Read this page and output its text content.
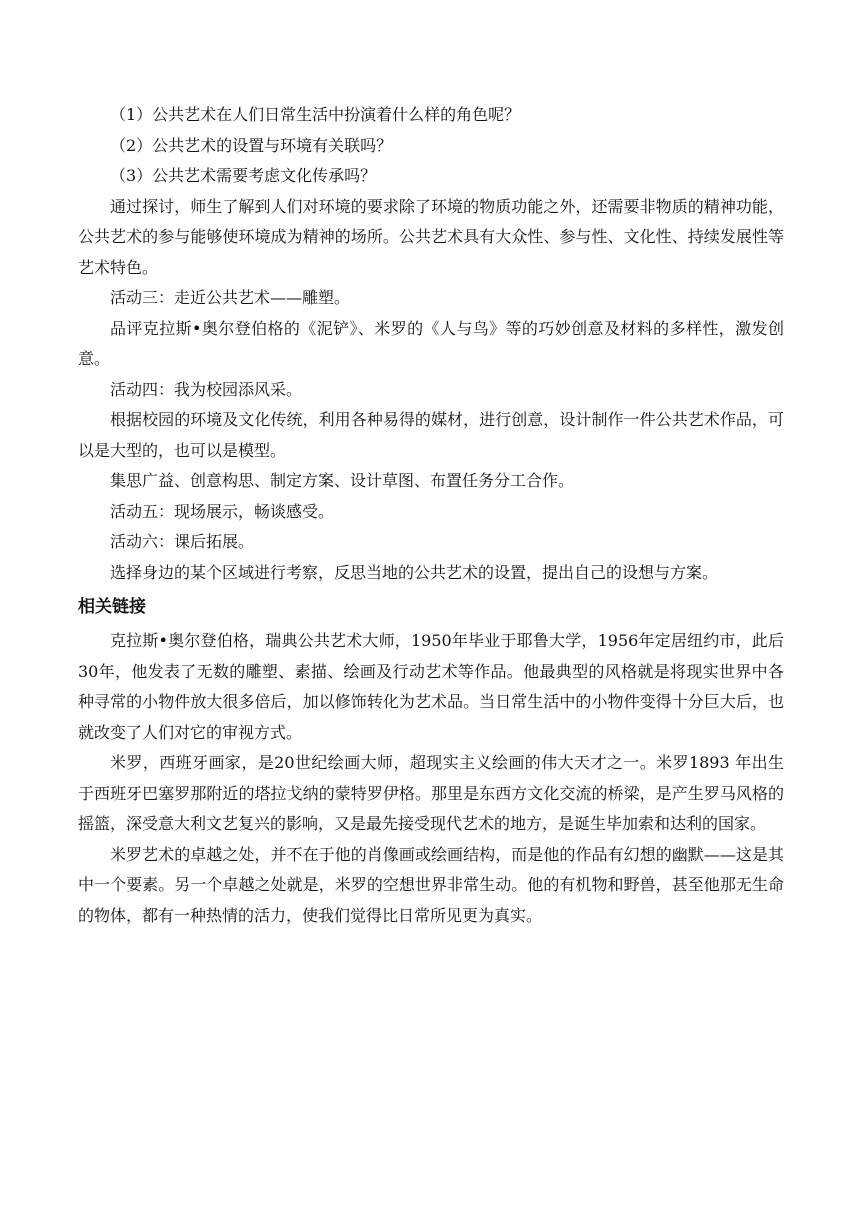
（1）公共艺术在人们日常生活中扮演着什么样的角色呢？

（2）公共艺术的设置与环境有关联吗？

（3）公共艺术需要考虑文化传承吗？

通过探讨，师生了解到人们对环境的要求除了环境的物质功能之外，还需要非物质的精神功能，公共艺术的参与能够使环境成为精神的场所。公共艺术具有大众性、参与性、文化性、持续发展性等艺术特色。

活动三：走近公共艺术——雕塑。

品评克拉斯•奥尔登伯格的《泥铲》、米罗的《人与鸟》等的巧妙创意及材料的多样性，激发创意。

活动四：我为校园添风采。

根据校园的环境及文化传统，利用各种易得的媒材，进行创意，设计制作一件公共艺术作品，可以是大型的，也可以是模型。

集思广益、创意构思、制定方案、设计草图、布置任务分工合作。

活动五：现场展示，畅谈感受。

活动六：课后拓展。

选择身边的某个区域进行考察，反思当地的公共艺术的设置，提出自己的设想与方案。

相关链接

克拉斯•奥尔登伯格，瑞典公共艺术大师，1950年毕业于耶鲁大学，1956年定居纽约市，此后30年，他发表了无数的雕塑、素描、绘画及行动艺术等作品。他最典型的风格就是将现实世界中各种寻常的小物件放大很多倍后，加以修饰转化为艺术品。当日常生活中的小物件变得十分巨大后，也就改变了人们对它的审视方式。

米罗，西班牙画家，是20世纪绘画大师，超现实主义绘画的伟大天才之一。米罗1893 年出生于西班牙巴塞罗那附近的塔拉戈纳的蒙特罗伊格。那里是东西方文化交流的桥梁，是产生罗马风格的摇篮，深受意大利文艺复兴的影响，又是最先接受现代艺术的地方，是诞生毕加索和达利的国家。

米罗艺术的卓越之处，并不在于他的肖像画或绘画结构，而是他的作品有幻想的幽默——这是其中一个要素。另一个卓越之处就是，米罗的空想世界非常生动。他的有机物和野兽，甚至他那无生命的物体，都有一种热情的活力，使我们觉得比日常所见更为真实。
